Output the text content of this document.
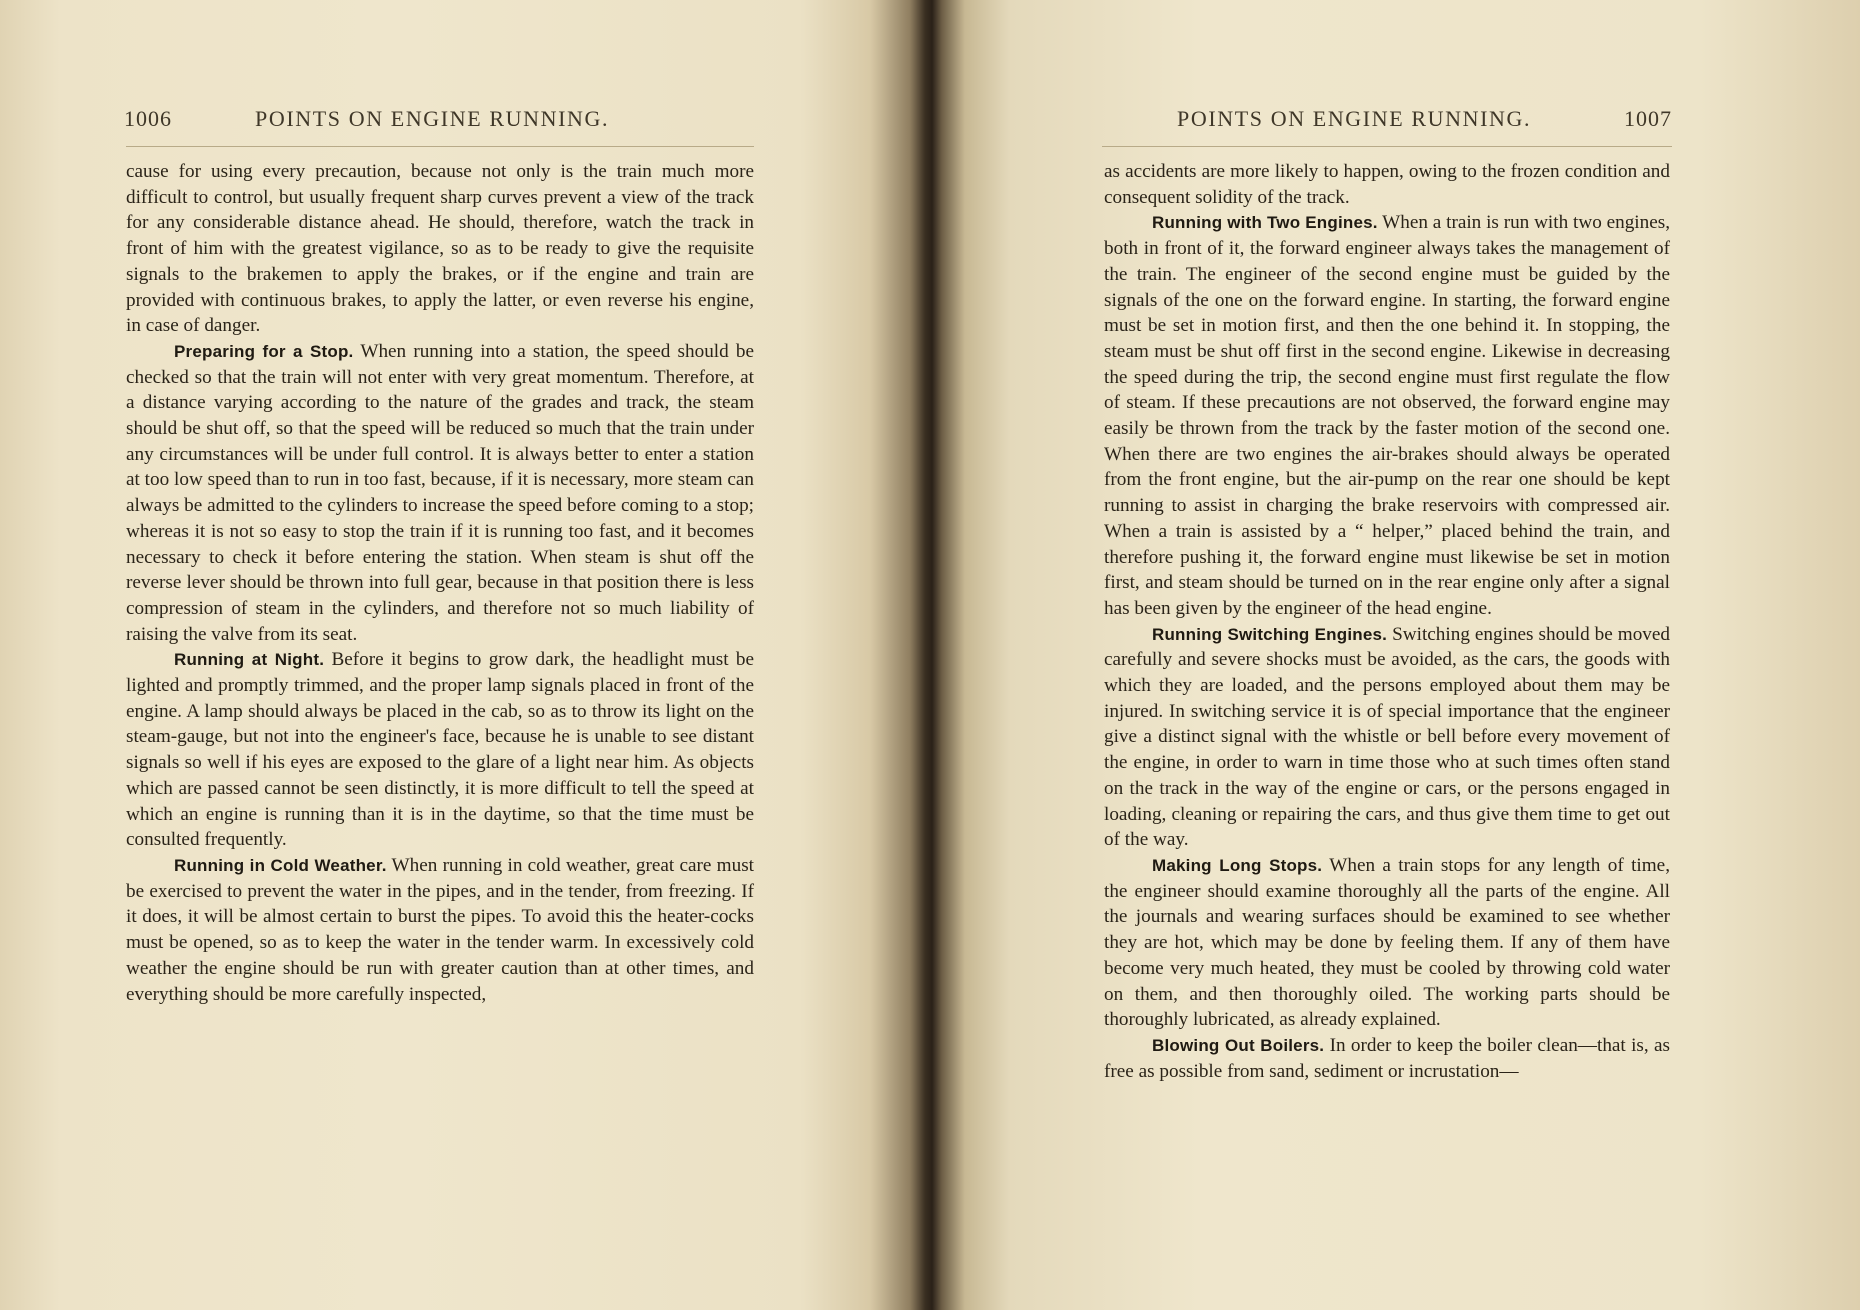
1006	POINTS ON ENGINE RUNNING.

cause for using every precaution, because not only is the train much more difficult to control, but usually frequent sharp curves prevent a view of the track for any considerable distance ahead. He should, therefore, watch the track in front of him with the greatest vigilance, so as to be ready to give the requisite signals to the brakemen to apply the brakes, or if the engine and train are provided with continuous brakes, to apply the latter, or even reverse his engine, in case of danger.

Preparing for a Stop. When running into a station, the speed should be checked so that the train will not enter with very great momentum. Therefore, at a distance varying according to the nature of the grades and track, the steam should be shut off, so that the speed will be reduced so much that the train under any circumstances will be under full control. It is always better to enter a station at too low speed than to run in too fast, because, if it is necessary, more steam can always be admitted to the cylinders to increase the speed before coming to a stop; whereas it is not so easy to stop the train if it is running too fast, and it becomes necessary to check it before entering the station. When steam is shut off the reverse lever should be thrown into full gear, because in that position there is less compression of steam in the cylinders, and therefore not so much liability of raising the valve from its seat.

Running at Night. Before it begins to grow dark, the headlight must be lighted and promptly trimmed, and the proper lamp signals placed in front of the engine. A lamp should always be placed in the cab, so as to throw its light on the steam-gauge, but not into the engineer's face, because he is unable to see distant signals so well if his eyes are exposed to the glare of a light near him. As objects which are passed cannot be seen distinctly, it is more difficult to tell the speed at which an engine is running than it is in the daytime, so that the time must be consulted frequently.

Running in Cold Weather. When running in cold weather, great care must be exercised to prevent the water in the pipes, and in the tender, from freezing. If it does, it will be almost certain to burst the pipes. To avoid this the heater-cocks must be opened, so as to keep the water in the tender warm. In excessively cold weather the engine should be run with greater caution than at other times, and everything should be more carefully inspected,

POINTS ON ENGINE RUNNING.	1007

as accidents are more likely to happen, owing to the frozen condition and consequent solidity of the track.

Running with Two Engines. When a train is run with two engines, both in front of it, the forward engineer always takes the management of the train. The engineer of the second engine must be guided by the signals of the one on the forward engine. In starting, the forward engine must be set in motion first, and then the one behind it. In stopping, the steam must be shut off first in the second engine. Likewise in decreasing the speed during the trip, the second engine must first regulate the flow of steam. If these precautions are not observed, the forward engine may easily be thrown from the track by the faster motion of the second one. When there are two engines the air-brakes should always be operated from the front engine, but the air-pump on the rear one should be kept running to assist in charging the brake reservoirs with compressed air. When a train is assisted by a “ helper,” placed behind the train, and therefore pushing it, the forward engine must likewise be set in motion first, and steam should be turned on in the rear engine only after a signal has been given by the engineer of the head engine.

Running Switching Engines. Switching engines should be moved carefully and severe shocks must be avoided, as the cars, the goods with which they are loaded, and the persons employed about them may be injured. In switching service it is of special importance that the engineer give a distinct signal with the whistle or bell before every movement of the engine, in order to warn in time those who at such times often stand on the track in the way of the engine or cars, or the persons engaged in loading, cleaning or repairing the cars, and thus give them time to get out of the way.

Making Long Stops. When a train stops for any length of time, the engineer should examine thoroughly all the parts of the engine. All the journals and wearing surfaces should be examined to see whether they are hot, which may be done by feeling them. If any of them have become very much heated, they must be cooled by throwing cold water on them, and then thoroughly oiled. The working parts should be thoroughly lubricated, as already explained.

Blowing Out Boilers. In order to keep the boiler clean—that is, as free as possible from sand, sediment or incrustation—
